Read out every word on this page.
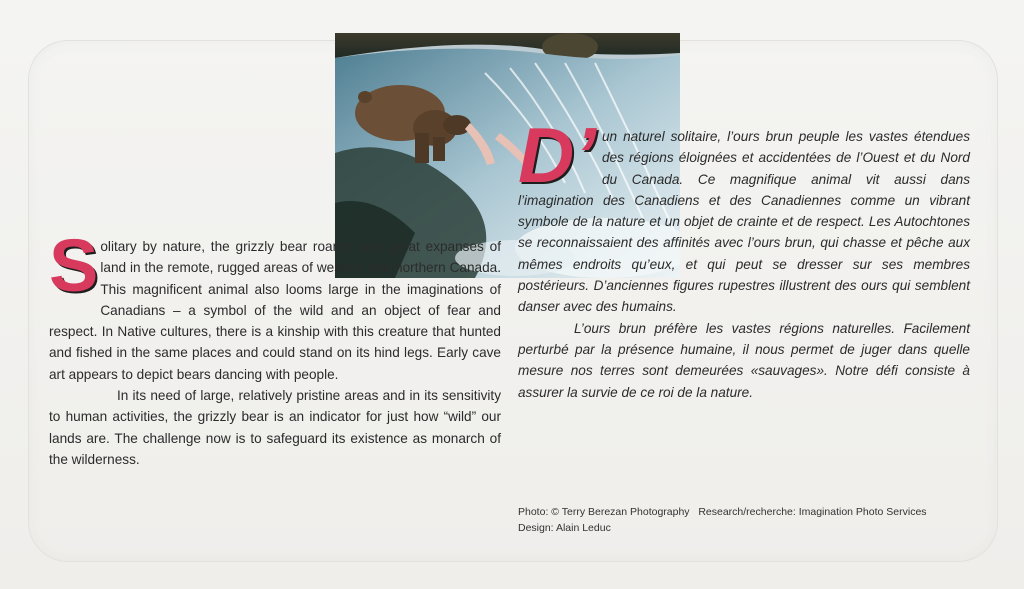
D’ un naturel solitaire, l’ours brun peuple les vastes étendues des régions éloignées et accidentées de l’Ouest et du Nord du Canada. Ce magnifique animal vit aussi dans l’imagination des Canadiens et des Canadiennes comme un vibrant symbole de la nature et un objet de crainte et de respect. Les Autochtones se reconnaissaient des affinités avec l’ours brun, qui chasse et pêche aux mêmes endroits qu’eux, et qui peut se dresser sur ses membres postérieurs. D’anciennes figures rupestres illustrent des ours qui semblent danser avec des humains.

L’ours brun préfère les vastes régions naturelles. Facilement perturbé par la présence humaine, il nous permet de juger dans quelle mesure nos terres sont demeurées «sauvages». Notre défi consiste à assurer la survie de ce roi de la nature.

Solitary by nature, the grizzly bear roams over great expanses of land in the remote, rugged areas of western and northern Canada. This magnificent animal also looms large in the imaginations of Canadians – a symbol of the wild and an object of fear and respect. In Native cultures, there is a kinship with this creature that hunted and fished in the same places and could stand on its hind legs. Early cave art appears to depict bears dancing with people.

In its need of large, relatively pristine areas and in its sensitivity to human activities, the grizzly bear is an indicator for just how “wild” our lands are. The challenge now is to safeguard its existence as monarch of the wilderness.

Photo: © Terry Berezan Photography Research/recherche: Imagination Photo Services
Design: Alain Leduc
